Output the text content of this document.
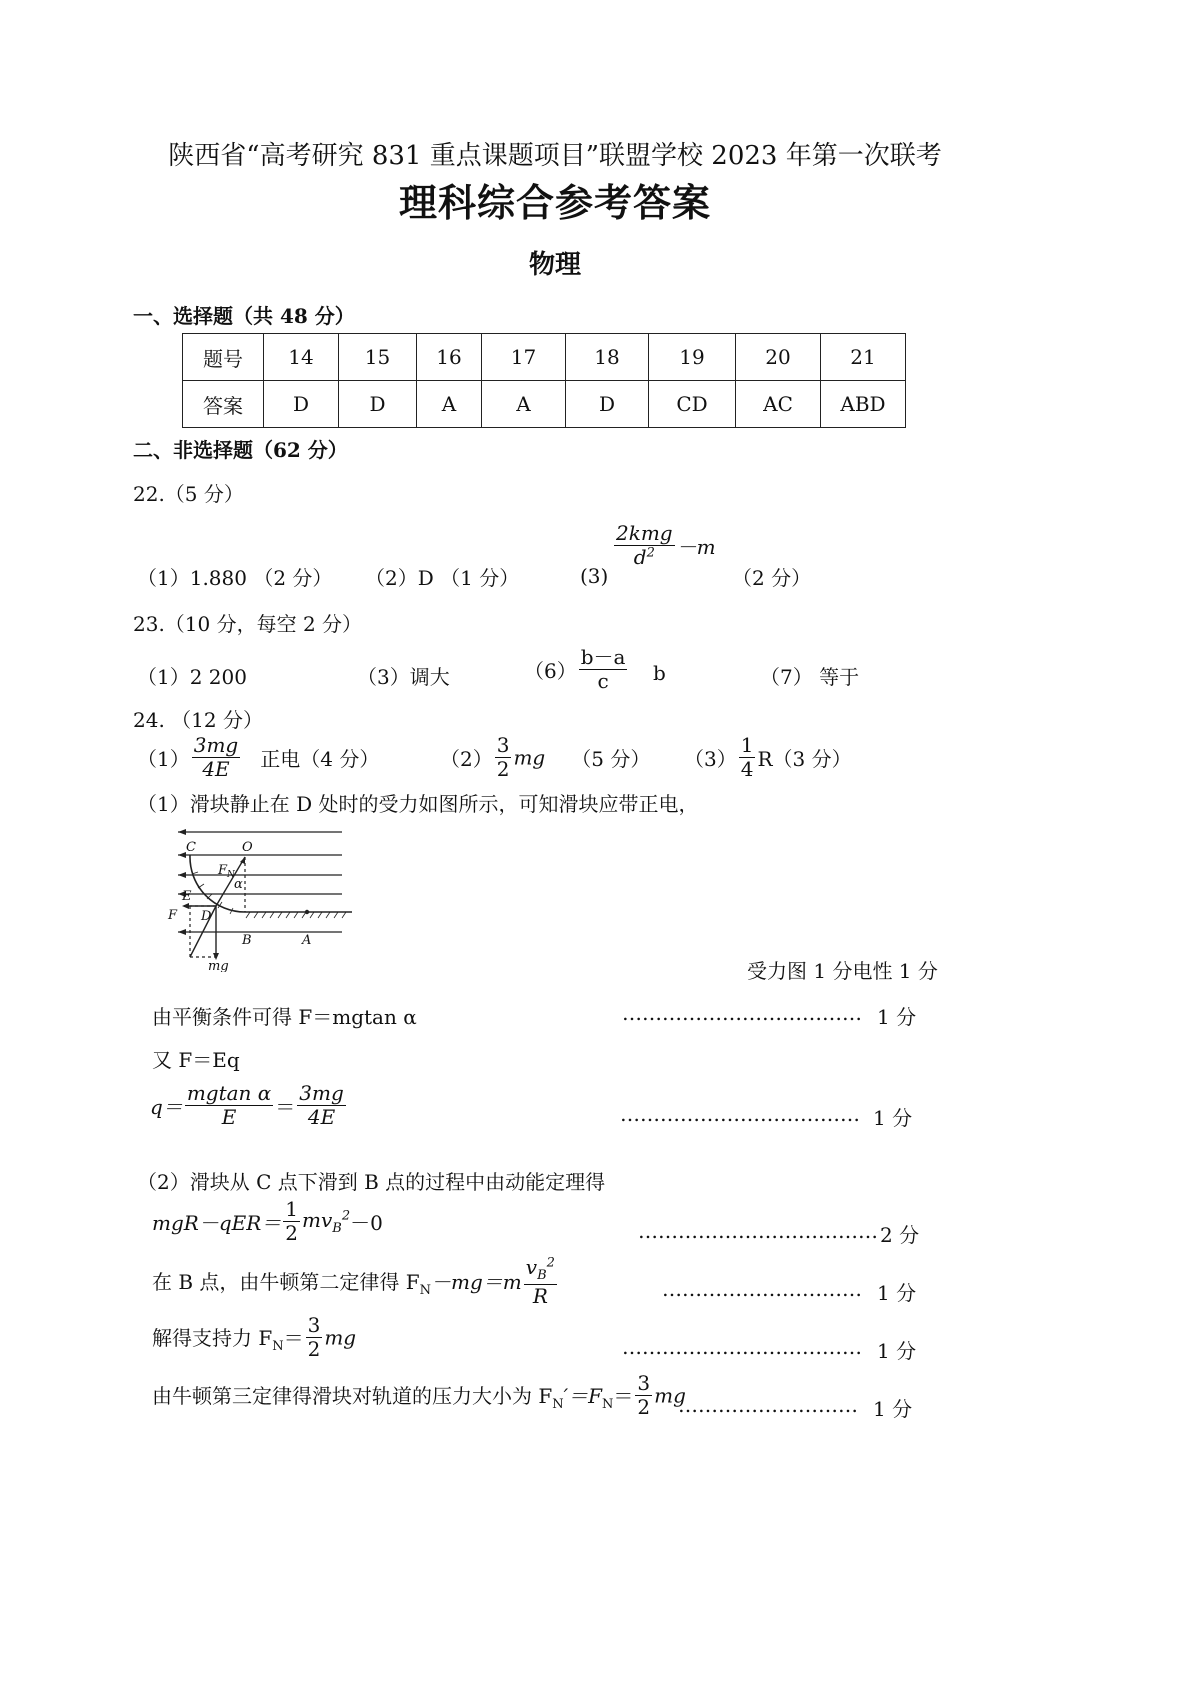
陕西省“高考研究 831 重点课题项目”联盟学校 2023 年第一次联考
理科综合参考答案
物理
一、选择题（共 48 分）
题号	14	15	16	17	18	19	20	21
答案	D	D	A	A	D	CD	AC	ABD
二、非选择题（62 分）
22.（5 分）
（1）1.880 （2 分） （2）D （1 分）	(3)
$\frac{\text{2kmg}}{d^2} -m$
（2 分）
23.（10 分，每空 2 分）
（1）2 200	（3）调大	$(6) \frac{b-a}{c}$ b	（7） 等于
24. （12 分）
$(1) \frac{3mg}{4E}$ 正电（4 分）	$(2) \frac{3}{2}$ mg （5 分） $(3) \frac{1}{4} R(3$ 分）
（1）滑块静止在 D 处时的受力如图所示，可知滑块应带正电，
C	O
$F_N$
α
E
F D
B	A
mg	受力图 1 分电性 1 分
由平衡条件可得 F＝mgtan α	……………………………… 1 分
又 F＝Eq
$q= \frac{\text{mgtan α}}{E} = \frac{3mg}{4E}$	……………………………… 1 分
（2）滑块从 C 点下滑到 B 点的过程中由动能定理得
$mgR-qER= \frac{1}{2} mv_B^2-0$	……………………………… 2 分
在 B 点，由牛顿第二定律得 $F_N-mg=m \frac{v_B^2}{R}$	………………………… 1 分
解得支持力 $F_N= \frac{3}{2}$ mg	……………………………… 1 分
由牛顿第三定律得滑块对轨道的压力大小为 $F_N'=F_N= \frac{3}{2}$ mg
……………………… 1 分
